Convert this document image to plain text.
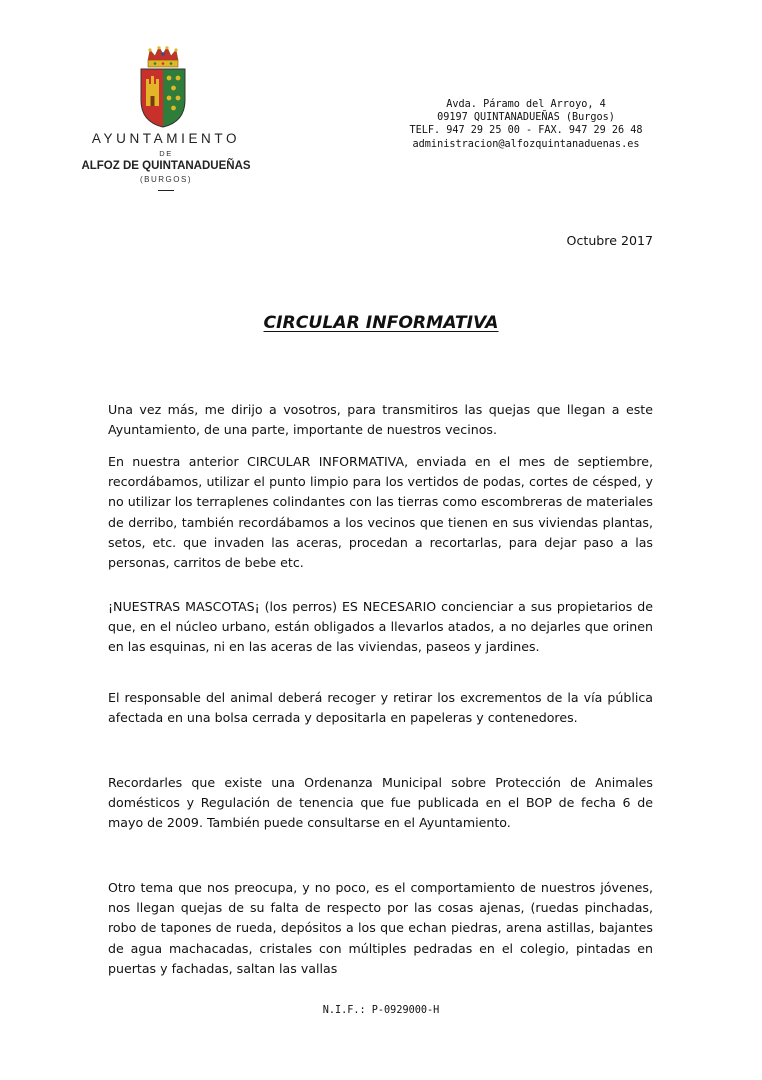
AYUNTAMIENTO
DE
ALFOZ DE QUINTANADUEÑAS
(BURGOS)
Avda. Páramo del Arroyo, 4
09197 QUINTANADUEÑAS (Burgos)
TELF. 947 29 25 00 - FAX. 947 29 26 48
administracion@alfozquintanaduenas.es
Octubre 2017
CIRCULAR INFORMATIVA

Una vez más, me dirijo a vosotros, para transmitiros las quejas que llegan a este Ayuntamiento, de una parte, importante de nuestros vecinos.

En nuestra anterior CIRCULAR INFORMATIVA, enviada en el mes de septiembre, recordábamos, utilizar el punto limpio para los vertidos de podas, cortes de césped, y no utilizar los terraplenes colindantes con las tierras como escombreras de materiales de derribo, también recordábamos a los vecinos que tienen en sus viviendas plantas, setos, etc. que invaden las aceras, procedan a recortarlas, para dejar paso a las personas, carritos de bebe etc.

¡NUESTRAS MASCOTAS¡ (los perros) ES NECESARIO concienciar a sus propietarios de que, en el núcleo urbano, están obligados a llevarlos atados, a no dejarles que orinen en las esquinas, ni en las aceras de las viviendas, paseos y jardines.

El responsable del animal deberá recoger y retirar los excrementos de la vía pública afectada en una bolsa cerrada y depositarla en papeleras y contenedores.

Recordarles que existe una Ordenanza Municipal sobre Protección de Animales domésticos y Regulación de tenencia que fue publicada en el BOP de fecha 6 de mayo de 2009. También puede consultarse en el Ayuntamiento.

Otro tema que nos preocupa, y no poco, es el comportamiento de nuestros jóvenes, nos llegan quejas de su falta de respecto por las cosas ajenas, (ruedas pinchadas, robo de tapones de rueda, depósitos a los que echan piedras, arena astillas, bajantes de agua machacadas, cristales con múltiples pedradas en el colegio, pintadas en puertas y fachadas, saltan las vallas

N.I.F.: P-0929000-H
